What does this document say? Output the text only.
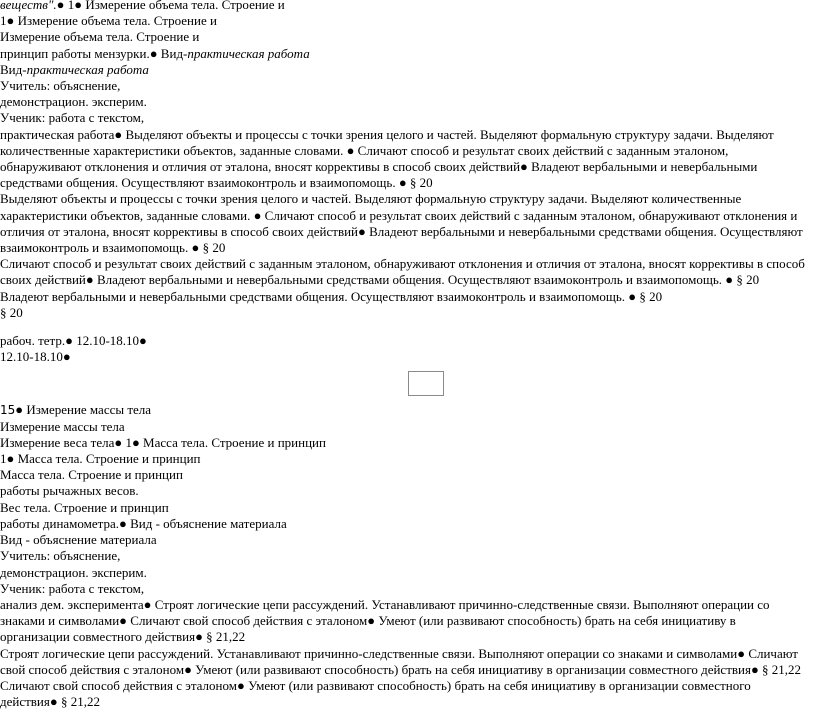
веществ".● 1● Измерение объема тела. Строение и
1● Измерение объема тела. Строение и
Измерение объема тела. Строение и
принцип работы мензурки.● Вид-практическая работа
Вид-практическая работа
Учитель: объяснение,
демонстрацион. эксперим.
Ученик: работа с текстом,

практическая работа● Выделяют объекты и процессы с точки зрения целого и частей. Выделяют формальную структуру задачи. Выделяют количественные характеристики объектов, заданные словами. ● Сличают способ и результат своих действий с заданным эталоном, обнаруживают отклонения и отличия от эталона, вносят коррективы в способ своих действий● Владеют вербальными и невербальными средствами общения. Осуществляют взаимоконтроль и взаимопомощь. ● § 20

Выделяют объекты и процессы с точки зрения целого и частей. Выделяют формальную структуру задачи. Выделяют количественные характеристики объектов, заданные словами. ● Сличают способ и результат своих действий с заданным эталоном, обнаруживают отклонения и отличия от эталона, вносят коррективы в способ своих действий● Владеют вербальными и невербальными средствами общения. Осуществляют взаимоконтроль и взаимопомощь. ● § 20

Сличают способ и результат своих действий с заданным эталоном, обнаруживают отклонения и отличия от эталона, вносят коррективы в способ своих действий● Владеют вербальными и невербальными средствами общения. Осуществляют взаимоконтроль и взаимопомощь. ● § 20

Владеют вербальными и невербальными средствами общения. Осуществляют взаимоконтроль и взаимопомощь. ● § 20
§ 20
рабоч. тетр.● 12.10-18.10●
12.10-18.10●
15● Измерение массы тела
Измерение массы тела
Измерение веса тела● 1● Масса тела. Строение и принцип
1● Масса тела. Строение и принцип
Масса тела. Строение и принцип
работы рычажных весов.
Вес тела. Строение и принцип
работы динамометра.● Вид - объяснение материала
Вид - объяснение материала
Учитель: объяснение,
демонстрацион. эксперим.
Ученик: работа с текстом,

анализ дем. эксперимента● Строят логические цепи рассуждений. Устанавливают причинно-следственные связи. Выполняют операции со знаками и символами● Сличают свой способ действия с эталоном● Умеют (или развивают способность) брать на себя инициативу в организации совместного действия● § 21,22

Строят логические цепи рассуждений. Устанавливают причинно-следственные связи. Выполняют операции со знаками и символами● Сличают свой способ действия с эталоном● Умеют (или развивают способность) брать на себя инициативу в организации совместного действия● § 21,22

Сличают свой способ действия с эталоном● Умеют (или развивают способность) брать на себя инициативу в организации совместного действия● § 21,22
